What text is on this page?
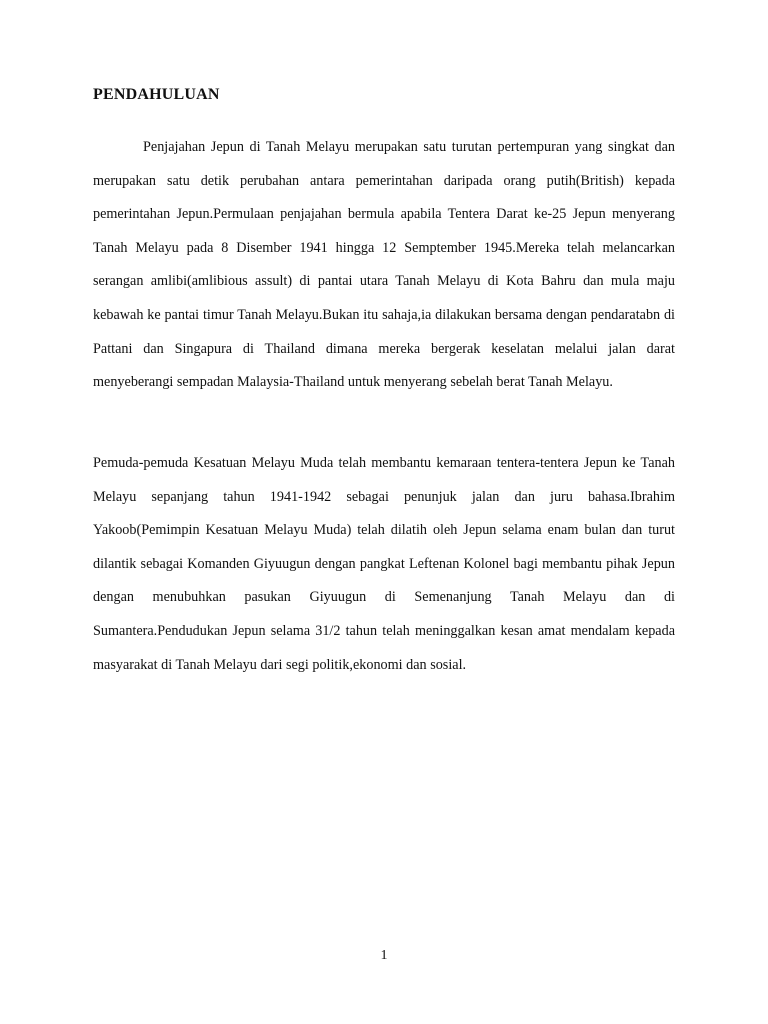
PENDAHULUAN

Penjajahan Jepun di Tanah Melayu merupakan satu turutan pertempuran yang singkat dan merupakan satu detik perubahan antara pemerintahan daripada orang putih(British) kepada pemerintahan Jepun.Permulaan penjajahan bermula apabila Tentera Darat ke-25 Jepun menyerang Tanah Melayu pada 8 Disember 1941 hingga 12 Semptember 1945.Mereka telah melancarkan serangan amlibi(amlibious assult) di pantai utara Tanah Melayu di Kota Bahru dan mula maju kebawah ke pantai timur Tanah Melayu.Bukan itu sahaja,ia dilakukan bersama dengan pendaratabn di Pattani dan Singapura di Thailand dimana mereka bergerak keselatan melalui jalan darat menyeberangi sempadan Malaysia-Thailand untuk menyerang sebelah berat Tanah Melayu.

Pemuda-pemuda Kesatuan Melayu Muda telah membantu kemaraan tentera-tentera Jepun ke Tanah Melayu sepanjang tahun 1941-1942 sebagai penunjuk jalan dan juru bahasa.Ibrahim Yakoob(Pemimpin Kesatuan Melayu Muda) telah dilatih oleh Jepun selama enam bulan dan turut dilantik sebagai Komanden Giyuugun dengan pangkat Leftenan Kolonel bagi membantu pihak Jepun dengan menubuhkan pasukan Giyuugun di Semenanjung Tanah Melayu dan di Sumantera.Pendudukan Jepun selama 31/2 tahun telah meninggalkan kesan amat mendalam kepada masyarakat di Tanah Melayu dari segi politik,ekonomi dan sosial.

1
